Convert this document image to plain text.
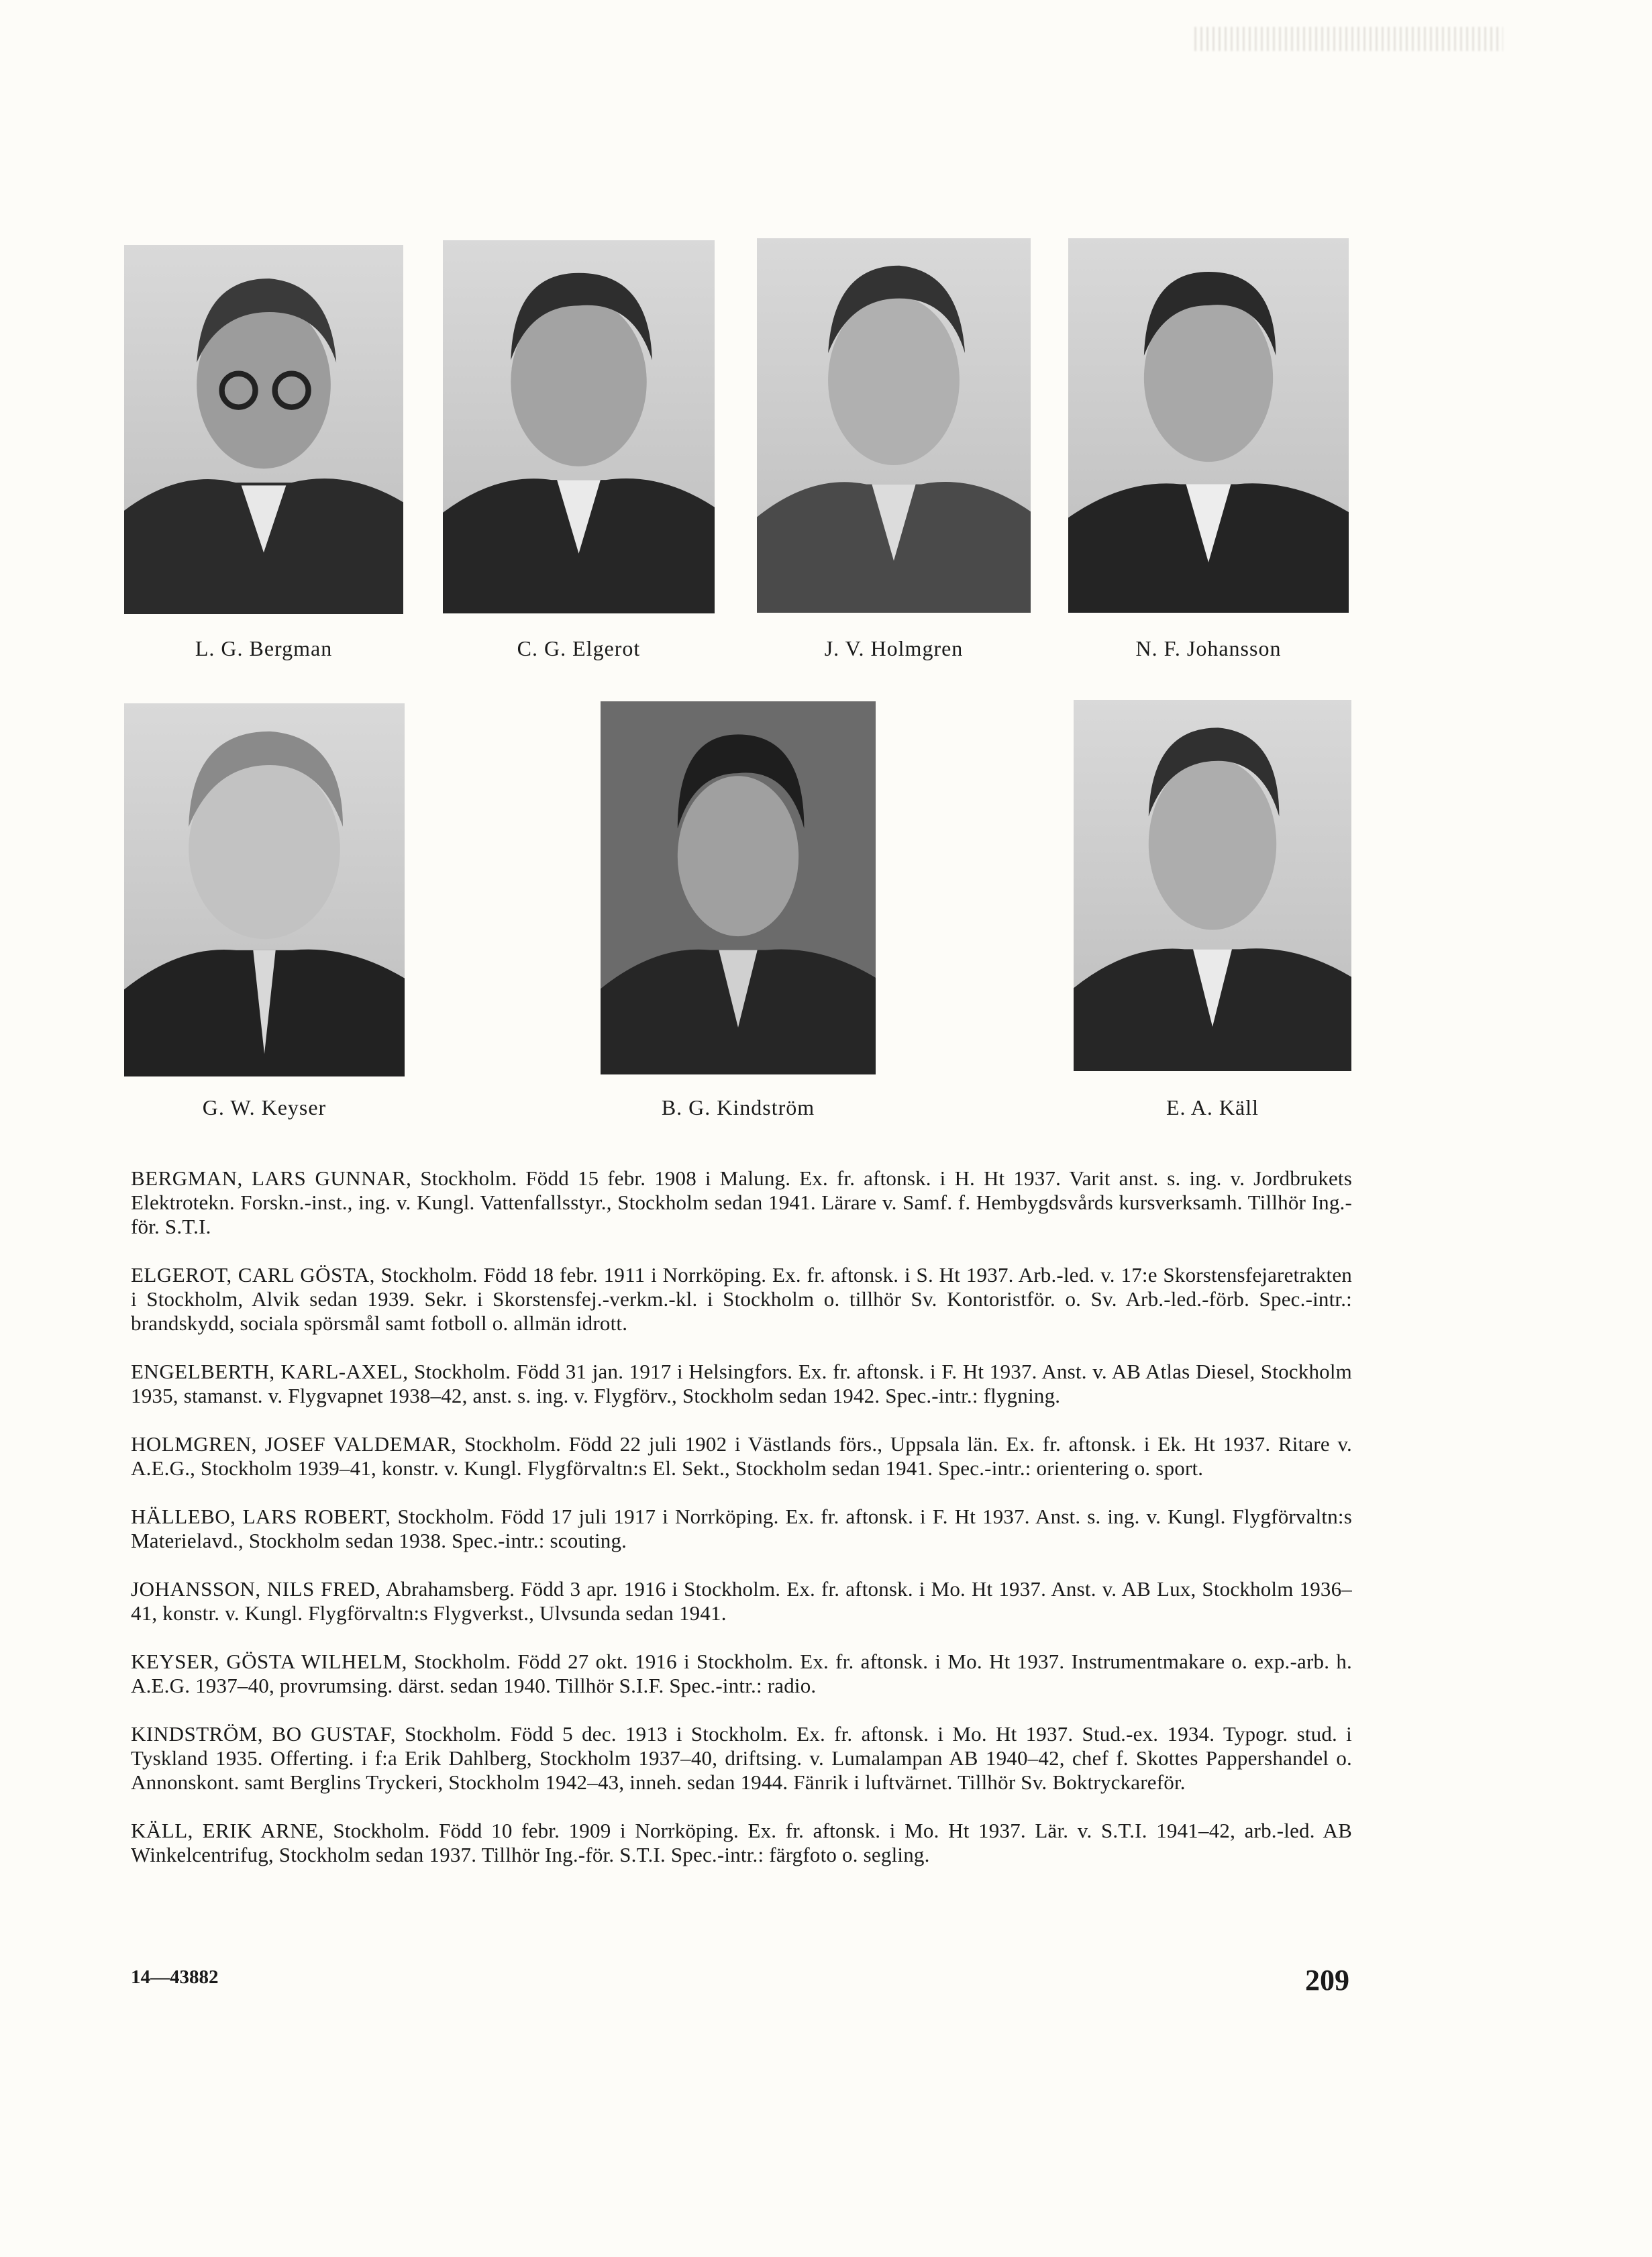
L. G. Bergman	C. G. Elgerot	J. V. Holmgren	N. F. Johansson
G. W. Keyser	B. G. Kindström	E. A. Käll

BERGMAN, LARS GUNNAR, Stockholm. Född 15 febr. 1908 i Malung. Ex. fr. aftonsk. i H. Ht 1937. Varit anst. s. ing. v. Jordbrukets Elektrotekn. Forskn.-inst., ing. v. Kungl. Vattenfallsstyr., Stockholm sedan 1941. Lärare v. Samf. f. Hembygdsvårds kursverksamh. Tillhör Ing.-för. S.T.I.

ELGEROT, CARL GÖSTA, Stockholm. Född 18 febr. 1911 i Norrköping. Ex. fr. aftonsk. i S. Ht 1937. Arb.-led. v. 17:e Skorstensfejaretrakten i Stockholm, Alvik sedan 1939. Sekr. i Skorstensfej.-verkm.-kl. i Stockholm o. tillhör Sv. Kontoristför. o. Sv. Arb.-led.-förb. Spec.-intr.: brandskydd, sociala spörsmål samt fotboll o. allmän idrott.

ENGELBERTH, KARL-AXEL, Stockholm. Född 31 jan. 1917 i Helsingfors. Ex. fr. aftonsk. i F. Ht 1937. Anst. v. AB Atlas Diesel, Stockholm 1935, stamanst. v. Flygvapnet 1938–42, anst. s. ing. v. Flygförv., Stockholm sedan 1942. Spec.-intr.: flygning.

HOLMGREN, JOSEF VALDEMAR, Stockholm. Född 22 juli 1902 i Västlands förs., Uppsala län. Ex. fr. aftonsk. i Ek. Ht 1937. Ritare v. A.E.G., Stockholm 1939–41, konstr. v. Kungl. Flygförvaltn:s El. Sekt., Stockholm sedan 1941. Spec.-intr.: orientering o. sport.

HÄLLEBO, LARS ROBERT, Stockholm. Född 17 juli 1917 i Norrköping. Ex. fr. aftonsk. i F. Ht 1937. Anst. s. ing. v. Kungl. Flygförvaltn:s Materielavd., Stockholm sedan 1938. Spec.-intr.: scouting.

JOHANSSON, NILS FRED, Abrahamsberg. Född 3 apr. 1916 i Stockholm. Ex. fr. aftonsk. i Mo. Ht 1937. Anst. v. AB Lux, Stockholm 1936–41, konstr. v. Kungl. Flygförvaltn:s Flygverkst., Ulvsunda sedan 1941.

KEYSER, GÖSTA WILHELM, Stockholm. Född 27 okt. 1916 i Stockholm. Ex. fr. aftonsk. i Mo. Ht 1937. Instrumentmakare o. exp.-arb. h. A.E.G. 1937–40, provrumsing. därst. sedan 1940. Tillhör S.I.F. Spec.-intr.: radio.

KINDSTRÖM, BO GUSTAF, Stockholm. Född 5 dec. 1913 i Stockholm. Ex. fr. aftonsk. i Mo. Ht 1937. Stud.-ex. 1934. Typogr. stud. i Tyskland 1935. Offerting. i f:a Erik Dahlberg, Stockholm 1937–40, driftsing. v. Lumalampan AB 1940–42, chef f. Skottes Pappershandel o. Annonskont. samt Berglins Tryckeri, Stockholm 1942–43, inneh. sedan 1944. Fänrik i luftvärnet. Tillhör Sv. Boktryckareför.

KÄLL, ERIK ARNE, Stockholm. Född 10 febr. 1909 i Norrköping. Ex. fr. aftonsk. i Mo. Ht 1937. Lär. v. S.T.I. 1941–42, arb.-led. AB Winkelcentrifug, Stockholm sedan 1937. Tillhör Ing.-för. S.T.I. Spec.-intr.: färgfoto o. segling.

14—43882	209
